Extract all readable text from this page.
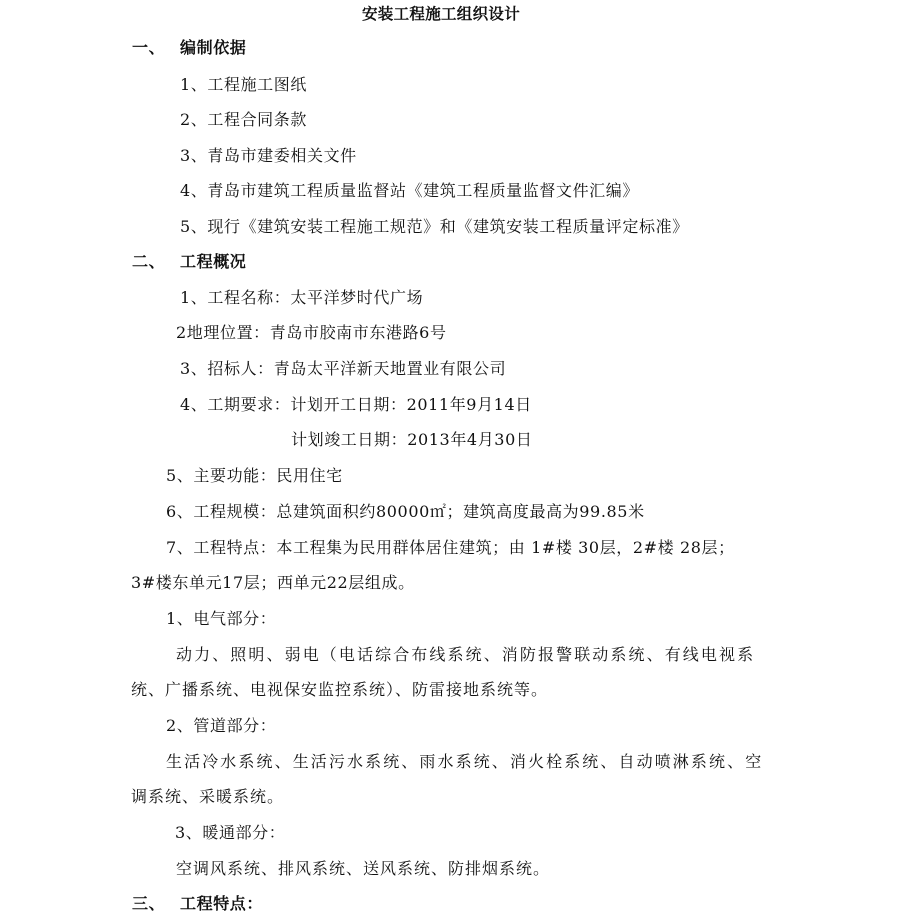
安装工程施工组织设计
一、 编制依据
1、工程施工图纸
2、工程合同条款
3、青岛市建委相关文件
4、青岛市建筑工程质量监督站《建筑工程质量监督文件汇编》
5、现行《建筑安装工程施工规范》和《建筑安装工程质量评定标准》
二、 工程概况
1、工程名称：太平洋梦时代广场
2地理位置：青岛市胶南市东港路6号
3、招标人：青岛太平洋新天地置业有限公司
4、工期要求：计划开工日期：2011年9月14日
计划竣工日期：2013年4月30日
5、主要功能：民用住宅
6、工程规模：总建筑面积约80000㎡；建筑高度最高为99.85米
7、工程特点：本工程集为民用群体居住建筑；由 1#楼 30层，2#楼 28层；
3#楼东单元17层；西单元22层组成。
1、电气部分：
动力、照明、弱电（电话综合布线系统、消防报警联动系统、有线电视系
统、广播系统、电视保安监控系统）、防雷接地系统等。
2、管道部分：
生活冷水系统、生活污水系统、雨水系统、消火栓系统、自动喷淋系统、空
调系统、采暖系统。
3、暖通部分：
空调风系统、排风系统、送风系统、防排烟系统。
三、 工程特点：
